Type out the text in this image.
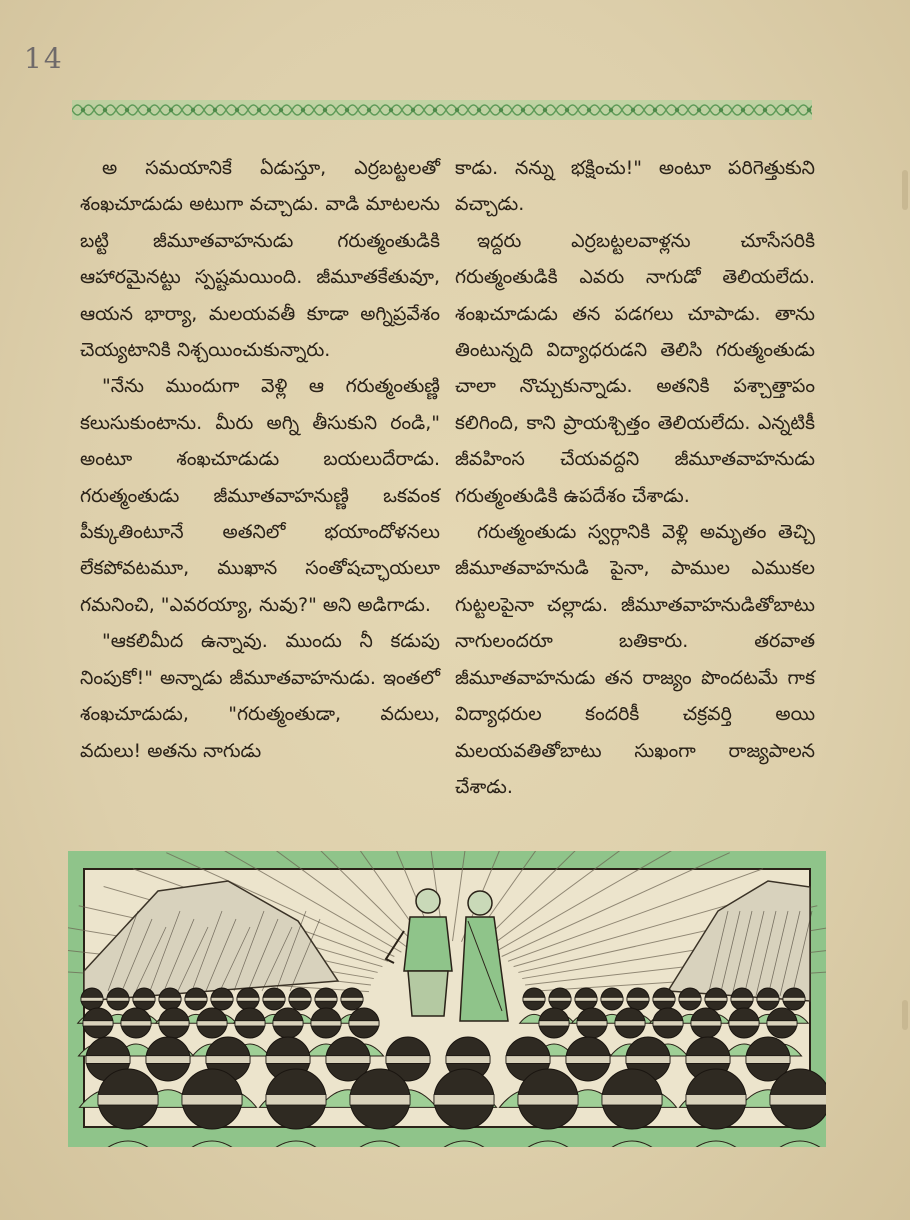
14

అ సమయానికే ఏడుస్తూ, ఎర్రబట్టలతో శంఖచూడుడు అటుగా వచ్చాడు. వాడి మాటలను బట్టి జీమూతవాహనుడు గరుత్మంతుడికి ఆహారమైనట్టు స్పష్టమయింది. జీమూతకేతువూ, ఆయన భార్యా, మలయవతీ కూడా అగ్నిప్రవేశం చెయ్యటానికి నిశ్చయించుకున్నారు.

"నేను ముందుగా వెళ్లి ఆ గరుత్మంతుణ్ణి కలుసుకుంటాను. మీరు అగ్ని తీసుకుని రండి," అంటూ శంఖచూడుడు బయలుదేరాడు. గరుత్మంతుడు జీమూతవాహనుణ్ణి ఒకవంక పీక్కుతింటూనే అతనిలో భయాందోళనలు లేకపోవటమూ, ముఖాన సంతోషచ్ఛాయలూ గమనించి, "ఎవరయ్యా, నువు?" అని అడిగాడు.

"ఆకలిమీద ఉన్నావు. ముందు నీ కడుపు నింపుకో!" అన్నాడు జీమూతవాహనుడు. ఇంతలో శంఖచూడుడు, "గరుత్మంతుడా, వదులు, వదులు! అతను నాగుడు

కాడు. నన్ను భక్షించు!" అంటూ పరిగెత్తుకుని వచ్చాడు.

ఇద్దరు ఎర్రబట్టలవాళ్లను చూసేసరికి గరుత్మంతుడికి ఎవరు నాగుడో తెలియలేదు. శంఖచూడుడు తన పడగలు చూపాడు. తాను తింటున్నది విద్యాధరుడని తెలిసి గరుత్మంతుడు చాలా నొచ్చుకున్నాడు. అతనికి పశ్చాత్తాపం కలిగింది, కాని ప్రాయశ్చిత్తం తెలియలేదు. ఎన్నటికీ జీవహింస చేయవద్దని జీమూతవాహనుడు గరుత్మంతుడికి ఉపదేశం చేశాడు.

గరుత్మంతుడు స్వర్గానికి వెళ్లి అమృతం తెచ్చి జీమూతవాహనుడి పైనా, పాముల ఎముకల గుట్టలపైనా చల్లాడు. జీమూతవాహనుడితోబాటు నాగులందరూ బతికారు. తరవాత జీమూతవాహనుడు తన రాజ్యం పొందటమే గాక విద్యాధరుల కందరికీ చక్రవర్తి అయి మలయవతితోబాటు సుఖంగా రాజ్యపాలన చేశాడు.
